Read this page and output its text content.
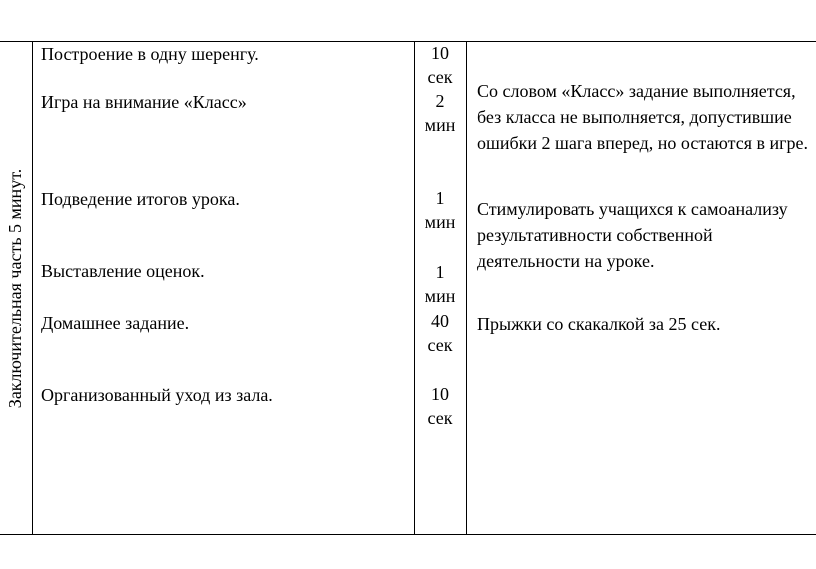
Заключительная часть 5 минут.
Построение в одну шеренгу.
Игра на внимание «Класс»
Подведение итогов урока.
Выставление оценок.
Домашнее задание.
Организованный уход из зала.
10
сек
2
мин
1
мин
1
мин
40
сек
10
сек
Со словом «Класс» задание выполняется, без класса не выполняется, допустившие ошибки 2 шага вперед, но остаются в игре.
Стимулировать учащихся к самоанализу результативности собственной деятельности на уроке.
Прыжки со скакалкой за 25 сек.
